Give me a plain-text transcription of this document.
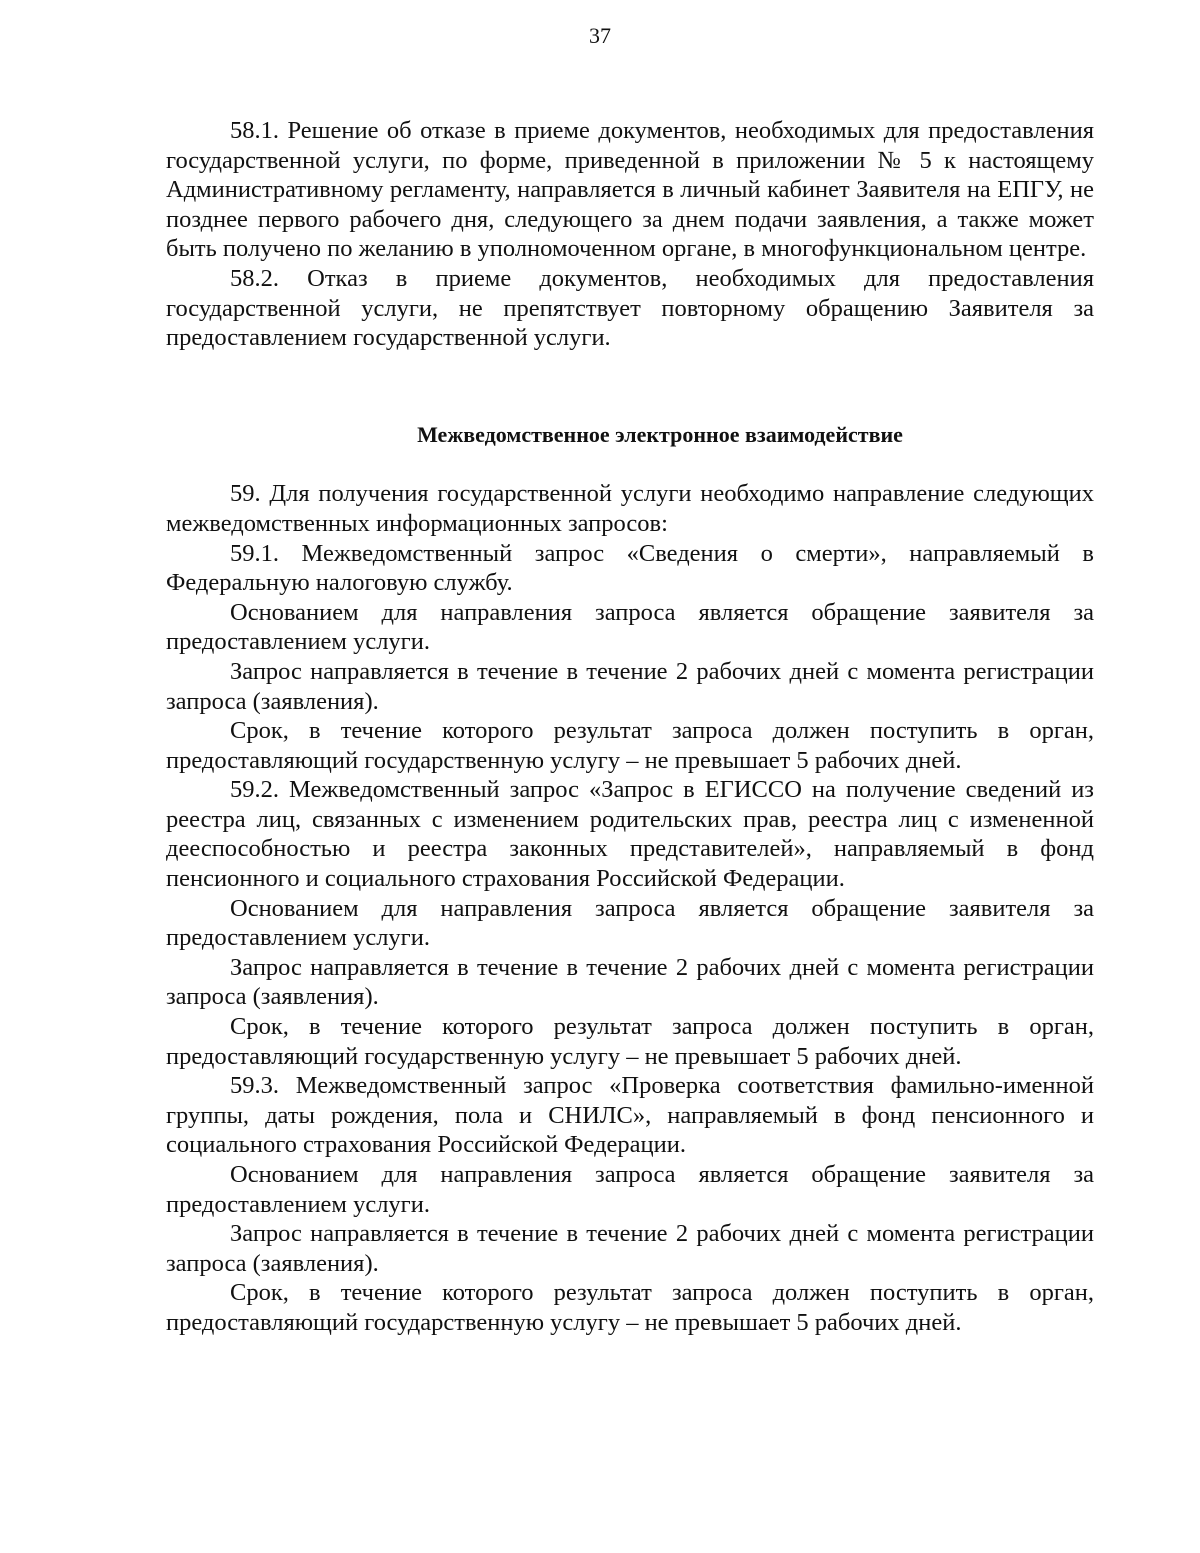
37

58.1. Решение об отказе в приеме документов, необходимых для предоставления государственной услуги, по форме, приведенной в приложении № 5 к настоящему Административному регламенту, направляется в личный кабинет Заявителя на ЕПГУ, не позднее первого рабочего дня, следующего за днем подачи заявления, а также может быть получено по желанию в уполномоченном органе, в многофункциональном центре.

58.2. Отказ в приеме документов, необходимых для предоставления государственной услуги, не препятствует повторному обращению Заявителя за предоставлением государственной услуги.

Межведомственное электронное взаимодействие

59. Для получения государственной услуги необходимо направление следующих межведомственных информационных запросов:

59.1. Межведомственный запрос «Сведения о смерти», направляемый в Федеральную налоговую службу.

Основанием для направления запроса является обращение заявителя за предоставлением услуги.

Запрос направляется в течение в течение 2 рабочих дней с момента регистрации запроса (заявления).

Срок, в течение которого результат запроса должен поступить в орган, предоставляющий государственную услугу – не превышает 5 рабочих дней.

59.2. Межведомственный запрос «Запрос в ЕГИССО на получение сведений из реестра лиц, связанных с изменением родительских прав, реестра лиц с измененной дееспособностью и реестра законных представителей», направляемый в фонд пенсионного и социального страхования Российской Федерации.

Основанием для направления запроса является обращение заявителя за предоставлением услуги.

Запрос направляется в течение в течение 2 рабочих дней с момента регистрации запроса (заявления).

Срок, в течение которого результат запроса должен поступить в орган, предоставляющий государственную услугу – не превышает 5 рабочих дней.

59.3. Межведомственный запрос «Проверка соответствия фамильно-именной группы, даты рождения, пола и СНИЛС», направляемый в фонд пенсионного и социального страхования Российской Федерации.

Основанием для направления запроса является обращение заявителя за предоставлением услуги.

Запрос направляется в течение в течение 2 рабочих дней с момента регистрации запроса (заявления).

Срок, в течение которого результат запроса должен поступить в орган, предоставляющий государственную услугу – не превышает 5 рабочих дней.
